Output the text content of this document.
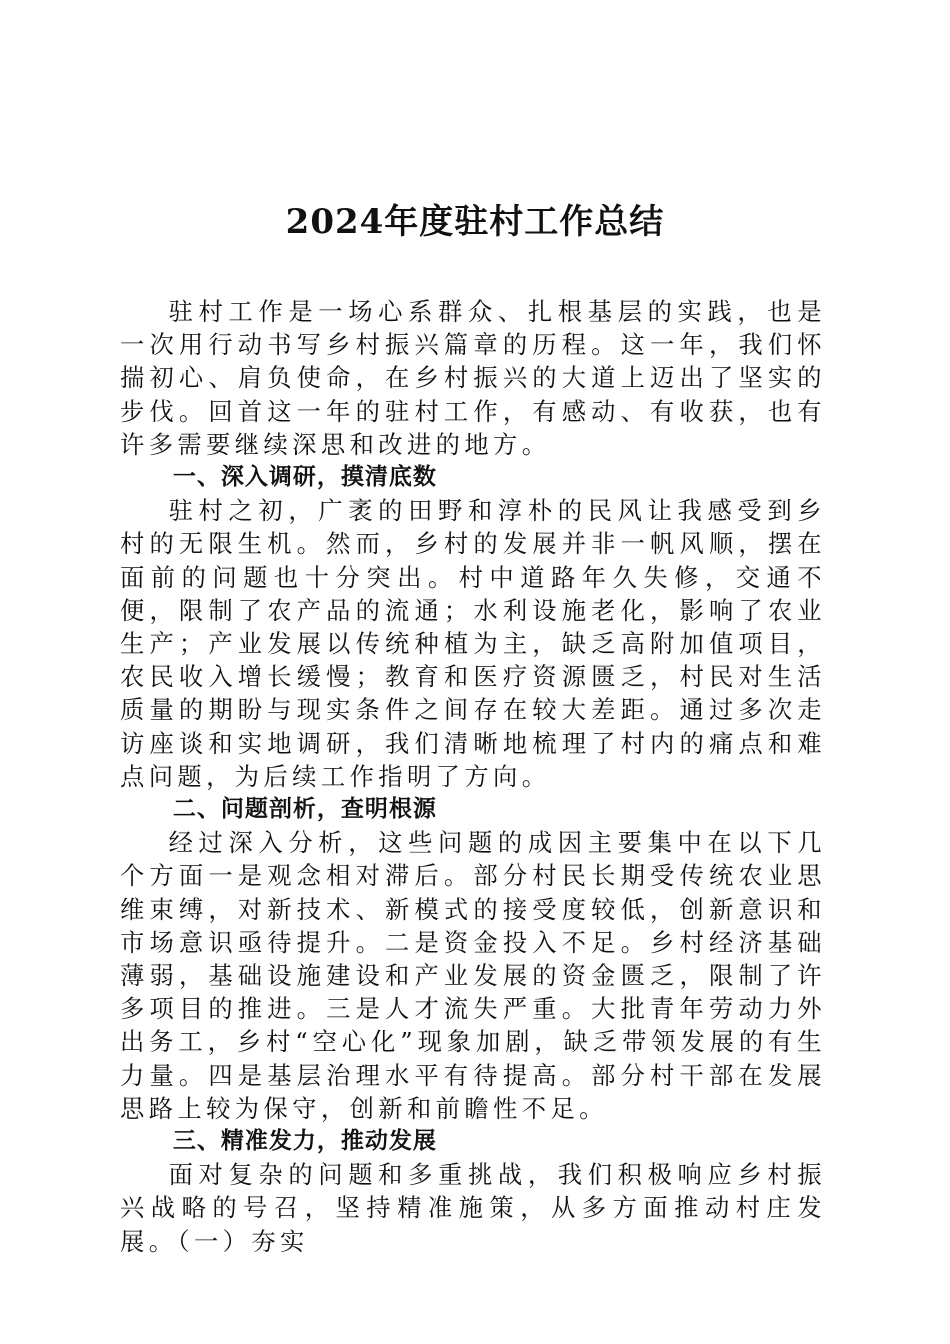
2024年度驻村工作总结

驻村工作是一场心系群众、扎根基层的实践，也是一次用行动书写乡村振兴篇章的历程。这一年，我们怀揣初心、肩负使命，在乡村振兴的大道上迈出了坚实的步伐。回首这一年的驻村工作，有感动、有收获，也有许多需要继续深思和改进的地方。

一、深入调研，摸清底数

驻村之初，广袤的田野和淳朴的民风让我感受到乡村的无限生机。然而，乡村的发展并非一帆风顺，摆在面前的问题也十分突出。村中道路年久失修，交通不便，限制了农产品的流通；水利设施老化，影响了农业生产；产业发展以传统种植为主，缺乏高附加值项目，农民收入增长缓慢；教育和医疗资源匮乏，村民对生活质量的期盼与现实条件之间存在较大差距。通过多次走访座谈和实地调研，我们清晰地梳理了村内的痛点和难点问题，为后续工作指明了方向。

二、问题剖析，查明根源

经过深入分析，这些问题的成因主要集中在以下几个方面一是观念相对滞后。部分村民长期受传统农业思维束缚，对新技术、新模式的接受度较低，创新意识和市场意识亟待提升。二是资金投入不足。乡村经济基础薄弱，基础设施建设和产业发展的资金匮乏，限制了许多项目的推进。三是人才流失严重。大批青年劳动力外出务工，乡村“空心化”现象加剧，缺乏带领发展的有生力量。四是基层治理水平有待提高。部分村干部在发展思路上较为保守，创新和前瞻性不足。

三、精准发力，推动发展

面对复杂的问题和多重挑战，我们积极响应乡村振兴战略的号召，坚持精准施策，从多方面推动村庄发展。（一）夯实
